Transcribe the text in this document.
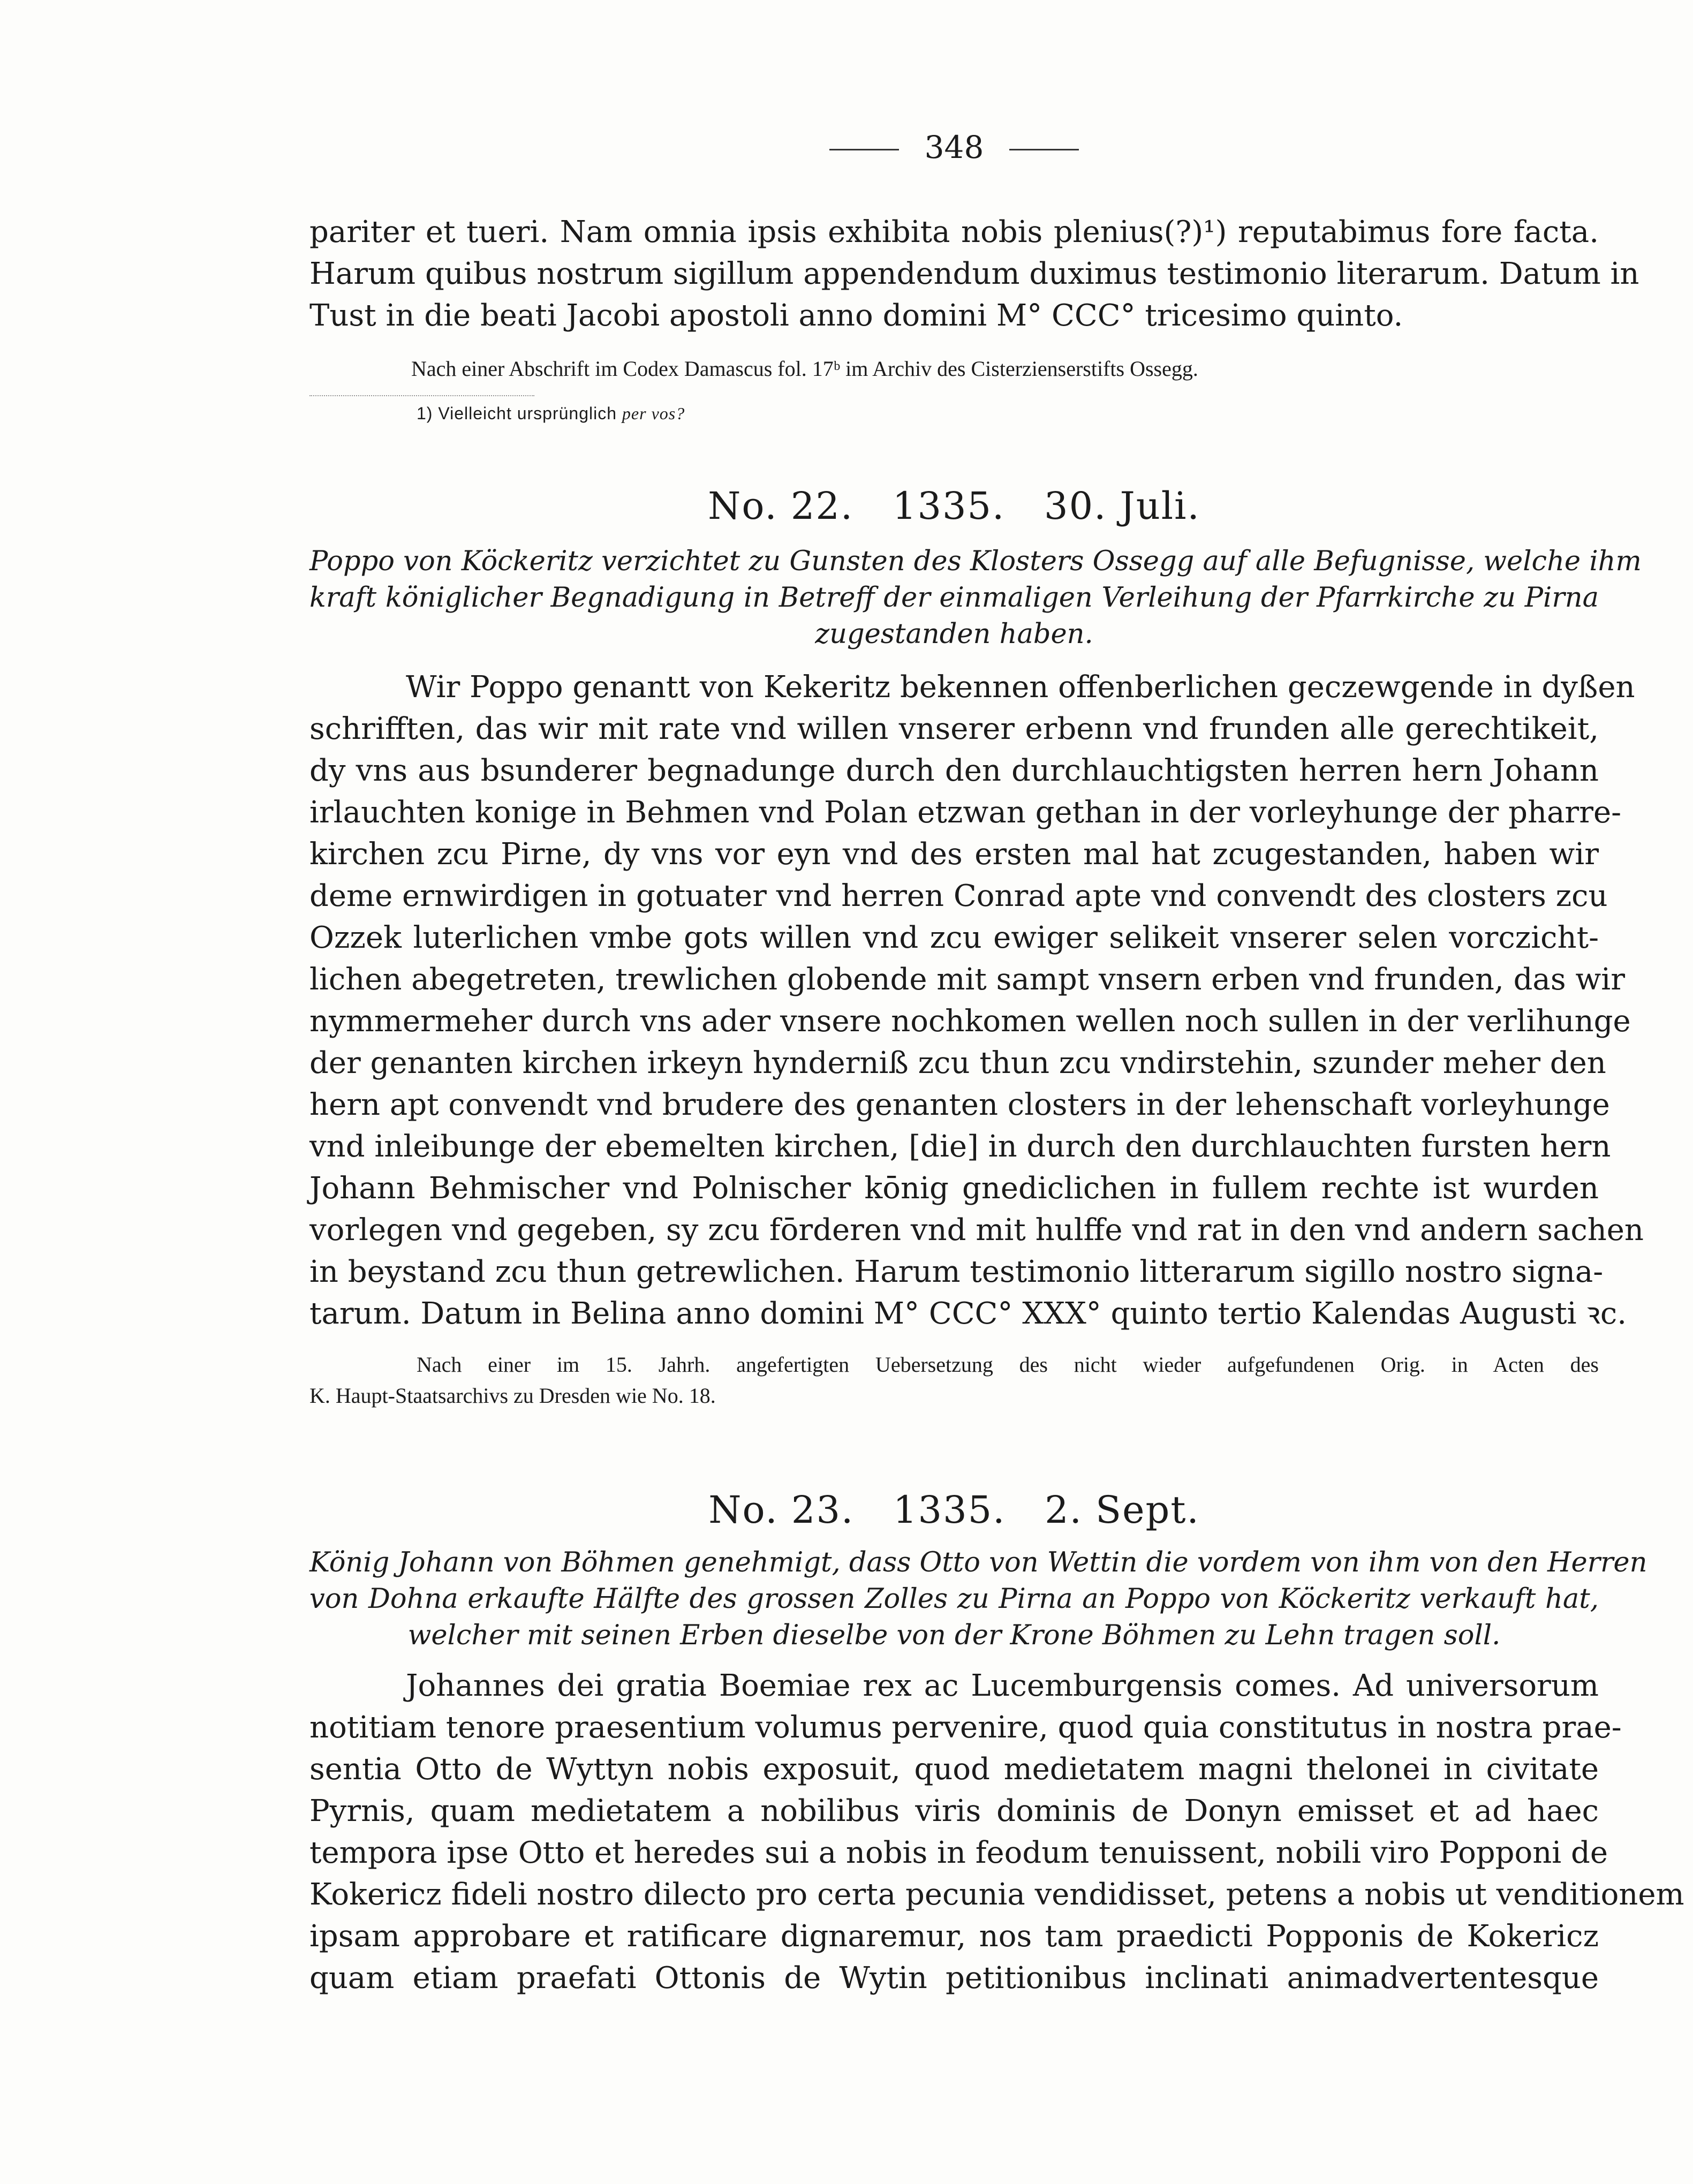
348
pariter et tueri. Nam omnia ipsis exhibita nobis plenius(?)¹) reputabimus fore facta.
Harum quibus nostrum sigillum appendendum duximus testimonio literarum. Datum in
Tust in die beati Jacobi apostoli anno domini M° CCC° tricesimo quinto.
Nach einer Abschrift im Codex Damascus fol. 17ᵇ im Archiv des Cisterzienserstifts Ossegg.
1) Vielleicht ursprünglich per vos?
No. 22.   1335.   30. Juli.
Poppo von Köckeritz verzichtet zu Gunsten des Klosters Ossegg auf alle Befugnisse, welche ihm
kraft königlicher Begnadigung in Betreff der einmaligen Verleihung der Pfarrkirche zu Pirna
zugestanden haben.
Wir Poppo genantt von Kekeritz bekennen offenberlichen geczewgende in dyßen
schrifften, das wir mit rate vnd willen vnserer erbenn vnd frunden alle gerechtikeit,
dy vns aus bsunderer begnadunge durch den durchlauchtigsten herren hern Johann
irlauchten konige in Behmen vnd Polan etzwan gethan in der vorleyhunge der pharre-
kirchen zcu Pirne, dy vns vor eyn vnd des ersten mal hat zcugestanden, haben wir
deme ernwirdigen in gotuater vnd herren Conrad apte vnd convendt des closters zcu
Ozzek luterlichen vmbe gots willen vnd zcu ewiger selikeit vnserer selen vorczicht-
lichen abegetreten, trewlichen globende mit sampt vnsern erben vnd frunden, das wir
nymmermeher durch vns ader vnsere nochkomen wellen noch sullen in der verlihunge
der genanten kirchen irkeyn hyndernіß zcu thun zcu vndirstehin, szunder meher den
hern apt convendt vnd brudere des genanten closters in der lehenschaft vorleyhunge
vnd inleibunge der ebemelten kirchen, [die] in durch den durchlauchten fursten hern
Johann Behmischer vnd Polnischer kōnig gnediclichen in fullem rechte ist wurden
vorlegen vnd gegeben, sy zcu fōrderen vnd mit hulffe vnd rat in den vnd andern sachen
in beystand zcu thun getrewlichen. Harum testimonio litterarum sigillo nostro signa-
tarum. Datum in Belina anno domini M° CCC° XXX° quinto tertio Kalendas Augusti ꝛc.
Nach einer im 15. Jahrh. angefertigten Uebersetzung des nicht wieder aufgefundenen Orig. in Acten des
K. Haupt-Staatsarchivs zu Dresden wie No. 18.
No. 23.   1335.   2. Sept.
König Johann von Böhmen genehmigt, dass Otto von Wettin die vordem von ihm von den Herren
von Dohna erkaufte Hälfte des grossen Zolles zu Pirna an Poppo von Köckeritz verkauft hat,
welcher mit seinen Erben dieselbe von der Krone Böhmen zu Lehn tragen soll.
Johannes dei gratia Boemiae rex ac Lucemburgensis comes. Ad universorum
notitiam tenore praesentium volumus pervenire, quod quia constitutus in nostra prae-
sentia Otto de Wyttyn nobis exposuit, quod medietatem magni thelonei in civitate
Pyrnis, quam medietatem a nobilibus viris dominis de Donyn emisset et ad haec
tempora ipse Otto et heredes sui a nobis in feodum tenuissent, nobili viro Popponi de
Kokericz fideli nostro dilecto pro certa pecunia vendidisset, petens a nobis ut venditionem
ipsam approbare et ratificare dignaremur, nos tam praedicti Popponis de Kokericz
quam etiam praefati Ottonis de Wytin petitionibus inclinati animadvertentesque
